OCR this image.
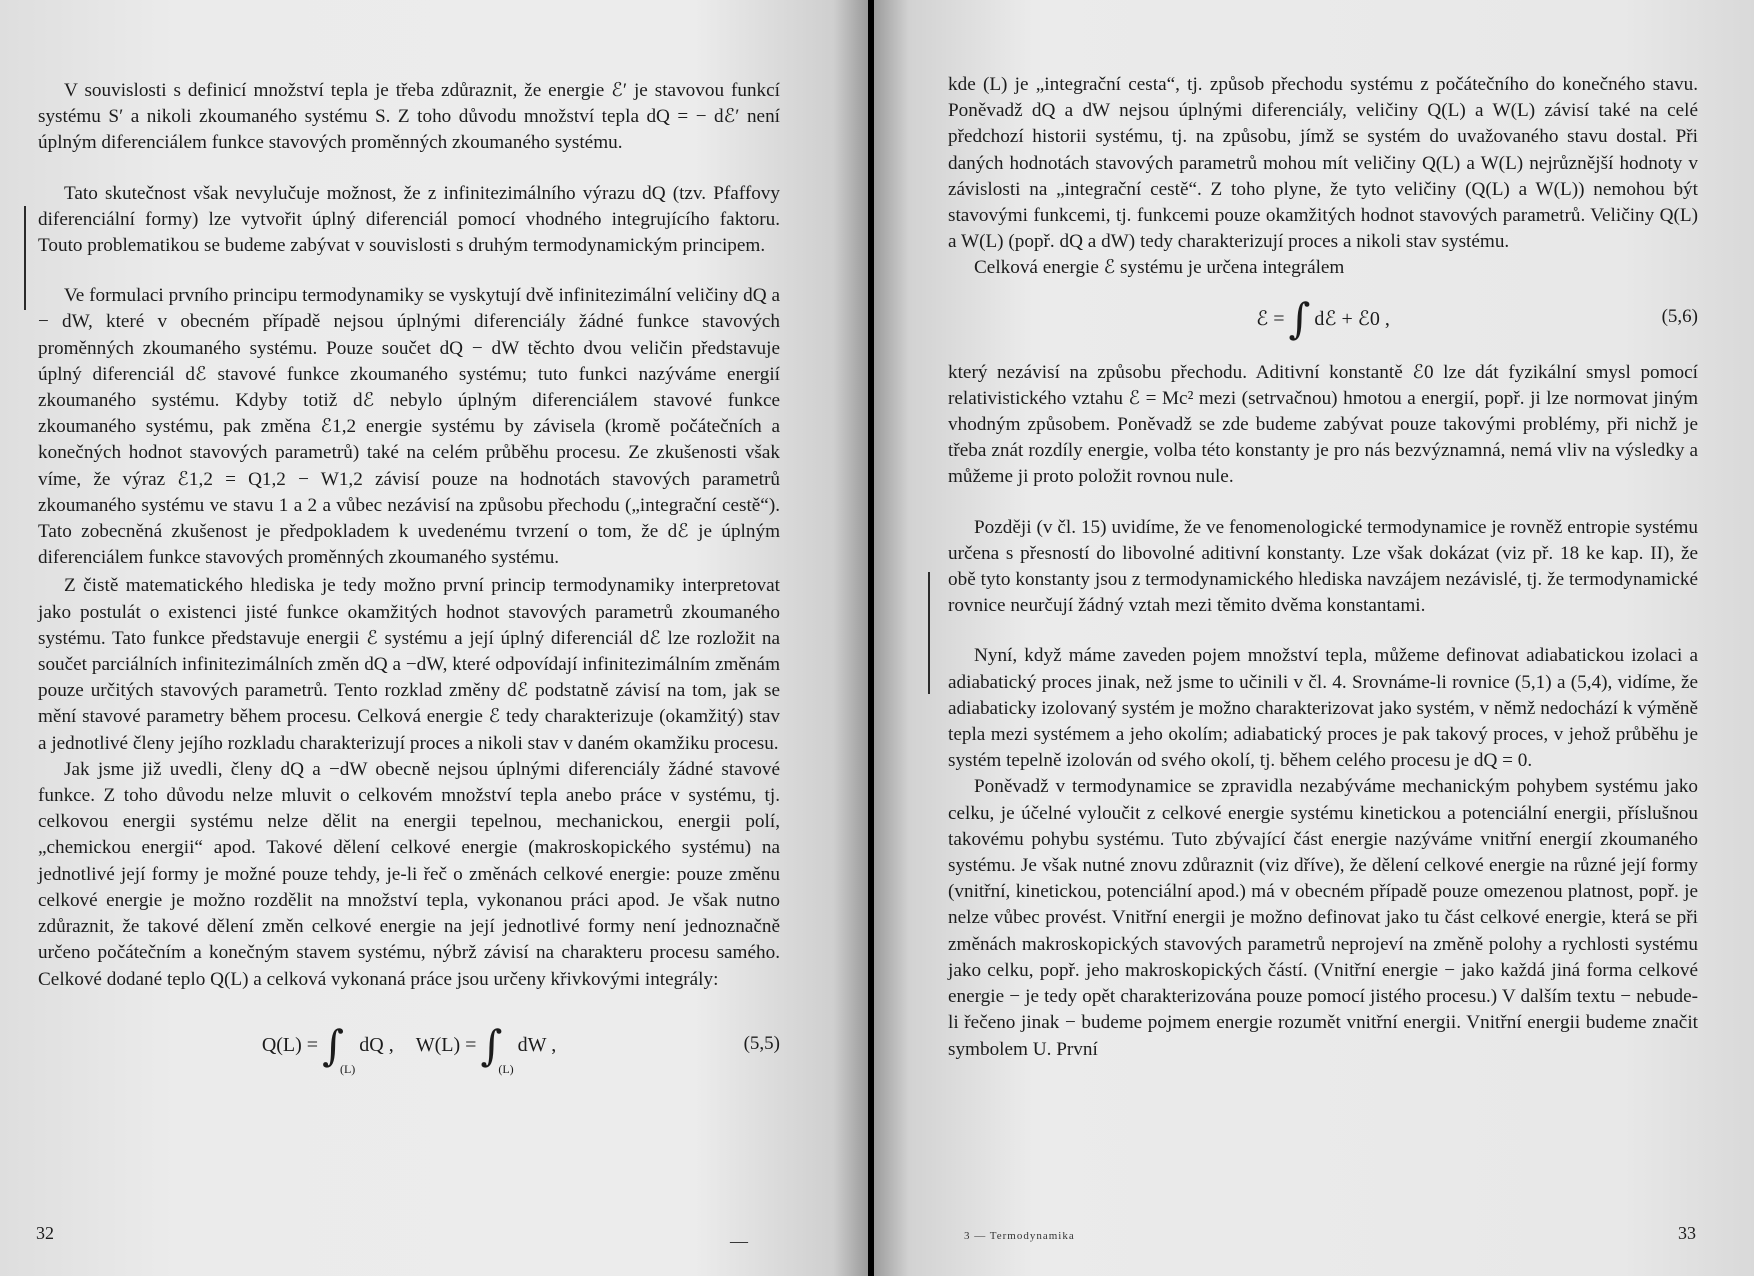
V souvislosti s definicí množství tepla je třeba zdůraznit, že energie ℰ′ je stavovou funkcí systému S′ a nikoli zkoumaného systému S. Z toho důvodu množství tepla dQ = − dℰ′ není úplným diferenciálem funkce stavových proměnných zkoumaného systému.

Tato skutečnost však nevylučuje možnost, že z infinitezimálního výrazu dQ (tzv. Pfaffovy diferenciální formy) lze vytvořit úplný diferenciál pomocí vhodného integrujícího faktoru. Touto problematikou se budeme zabývat v souvislosti s druhým termodynamickým principem.

Ve formulaci prvního principu termodynamiky se vyskytují dvě infinitezimální veličiny dQ a − dW, které v obecném případě nejsou úplnými diferenciály žádné funkce stavových proměnných zkoumaného systému. Pouze součet dQ − dW těchto dvou veličin představuje úplný diferenciál dℰ stavové funkce zkoumaného systému; tuto funkci nazýváme energií zkoumaného systému. Kdyby totiž dℰ nebylo úplným diferenciálem stavové funkce zkoumaného systému, pak změna ℰ1,2 energie systému by závisela (kromě počátečních a konečných hodnot stavových parametrů) také na celém průběhu procesu. Ze zkušenosti však víme, že výraz ℰ1,2 = Q1,2 − W1,2 závisí pouze na hodnotách stavových parametrů zkoumaného systému ve stavu 1 a 2 a vůbec nezávisí na způsobu přechodu („integrační cestě“). Tato zobecněná zkušenost je předpokladem k uvedenému tvrzení o tom, že dℰ je úplným diferenciálem funkce stavových proměnných zkoumaného systému.

Z čistě matematického hlediska je tedy možno první princip termodynamiky interpretovat jako postulát o existenci jisté funkce okamžitých hodnot stavových parametrů zkoumaného systému. Tato funkce představuje energii ℰ systému a její úplný diferenciál dℰ lze rozložit na součet parciálních infinitezimálních změn dQ a −dW, které odpovídají infinitezimálním změnám pouze určitých stavových parametrů. Tento rozklad změny dℰ podstatně závisí na tom, jak se mění stavové parametry během procesu. Celková energie ℰ tedy charakterizuje (okamžitý) stav a jednotlivé členy jejího rozkladu charakterizují proces a nikoli stav v daném okamžiku procesu.

Jak jsme již uvedli, členy dQ a −dW obecně nejsou úplnými diferenciály žádné stavové funkce. Z toho důvodu nelze mluvit o celkovém množství tepla anebo práce v systému, tj. celkovou energii systému nelze dělit na energii tepelnou, mechanickou, energii polí, „chemickou energii“ apod. Takové dělení celkové energie (makroskopického systému) na jednotlivé její formy je možné pouze tehdy, je-li řeč o změnách celkové energie: pouze změnu celkové energie je možno rozdělit na množství tepla, vykonanou práci apod. Je však nutno zdůraznit, že takové dělení změn celkové energie na její jednotlivé formy není jednoznačně určeno počátečním a konečným stavem systému, nýbrž závisí na charakteru procesu samého. Celkové dodané teplo Q(L) a celková vykonaná práce jsou určeny křivkovými integrály:

Q(L) = ∫
(L)
dQ , W(L) = ∫
(L)
dW ,	(5,5)
32	—

kde (L) je „integrační cesta“, tj. způsob přechodu systému z počátečního do konečného stavu. Poněvadž dQ a dW nejsou úplnými diferenciály, veličiny Q(L) a W(L) závisí také na celé předchozí historii systému, tj. na způsobu, jímž se systém do uvažovaného stavu dostal. Při daných hodnotách stavových parametrů mohou mít veličiny Q(L) a W(L) nejrůznější hodnoty v závislosti na „integrační cestě“. Z toho plyne, že tyto veličiny (Q(L) a W(L)) nemohou být stavovými funkcemi, tj. funkcemi pouze okamžitých hodnot stavových parametrů. Veličiny Q(L) a W(L) (popř. dQ a dW) tedy charakterizují proces a nikoli stav systému.

Celková energie ℰ systému je určena integrálem

ℰ = ∫ dℰ + ℰ0 ,	(5,6)

který nezávisí na způsobu přechodu. Aditivní konstantě ℰ0 lze dát fyzikální smysl pomocí relativistického vztahu ℰ = Mc² mezi (setrvačnou) hmotou a energií, popř. ji lze normovat jiným vhodným způsobem. Poněvadž se zde budeme zabývat pouze takovými problémy, při nichž je třeba znát rozdíly energie, volba této konstanty je pro nás bezvýznamná, nemá vliv na výsledky a můžeme ji proto položit rovnou nule.

Později (v čl. 15) uvidíme, že ve fenomenologické termodynamice je rovněž entropie systému určena s přesností do libovolné aditivní konstanty. Lze však dokázat (viz př. 18 ke kap. II), že obě tyto konstanty jsou z termodynamického hlediska navzájem nezávislé, tj. že termodynamické rovnice neurčují žádný vztah mezi těmito dvěma konstantami.

Nyní, když máme zaveden pojem množství tepla, můžeme definovat adiabatickou izolaci a adiabatický proces jinak, než jsme to učinili v čl. 4. Srovnáme-li rovnice (5,1) a (5,4), vidíme, že adiabaticky izolovaný systém je možno charakterizovat jako systém, v němž nedochází k výměně tepla mezi systémem a jeho okolím; adiabatický proces je pak takový proces, v jehož průběhu je systém tepelně izolován od svého okolí, tj. během celého procesu je dQ = 0.

Poněvadž v termodynamice se zpravidla nezabýváme mechanickým pohybem systému jako celku, je účelné vyloučit z celkové energie systému kinetickou a potenciální energii, příslušnou takovému pohybu systému. Tuto zbývající část energie nazýváme vnitřní energií zkoumaného systému. Je však nutné znovu zdůraznit (viz dříve), že dělení celkové energie na různé její formy (vnitřní, kinetickou, potenciální apod.) má v obecném případě pouze omezenou platnost, popř. je nelze vůbec provést. Vnitřní energii je možno definovat jako tu část celkové energie, která se při změnách makroskopických stavových parametrů neprojeví na změně polohy a rychlosti systému jako celku, popř. jeho makroskopických částí. (Vnitřní energie − jako každá jiná forma celkové energie − je tedy opět charakterizována pouze pomocí jistého procesu.) V dalším textu − nebude-li řečeno jinak − budeme pojmem energie rozumět vnitřní energii. Vnitřní energii budeme značit symbolem U. První

3 — Termodynamika	33
